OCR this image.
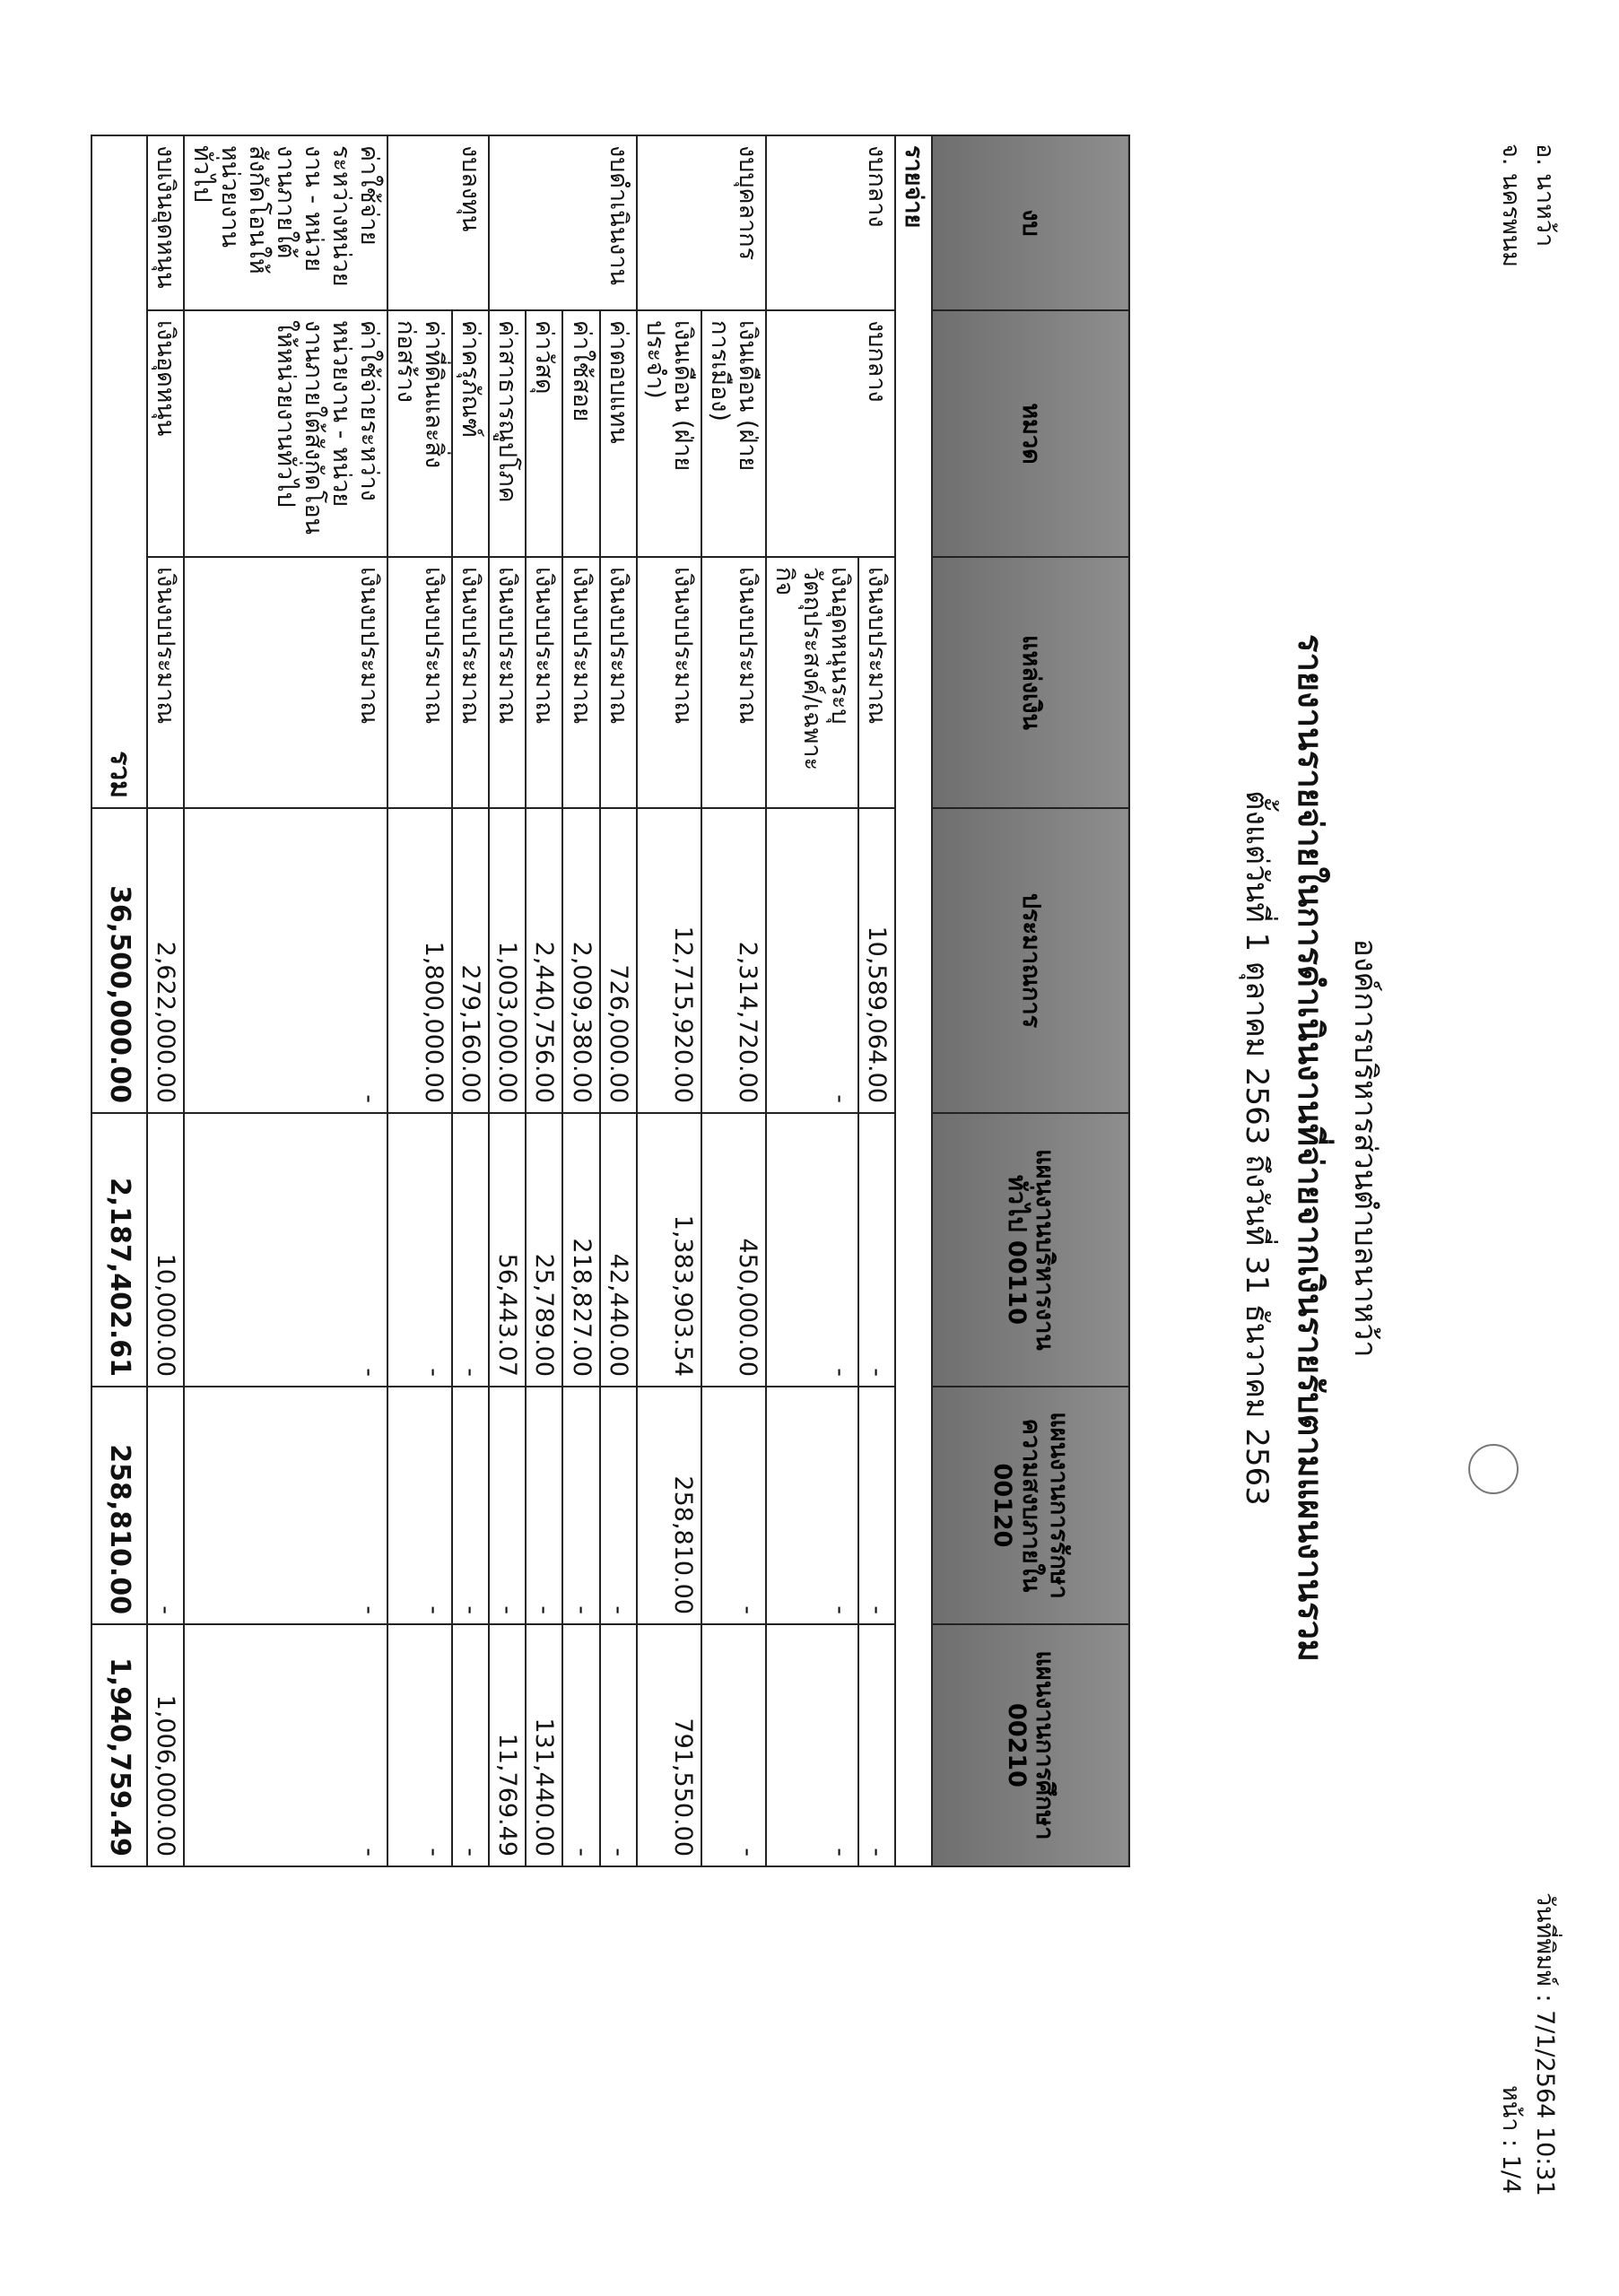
อ. นาหว้า
จ. นครพนม
วันที่พิมพ์ : 7/1/2564 10:31
หน้า : 1/4
องค์การบริหารส่วนตำบลนาหว้า
รายงานรายจ่ายในการดำเนินงานที่จ่ายจากเงินรายรับตามแผนงานรวม
ตั้งแต่วันที่ 1 ตุลาคม 2563 ถึงวันที่ 31 ธันวาคม 2563
งบ	หมวด	แหล่งเงิน	ประมาณการ	แผนงานบริหารงานทั่วไป 00110	แผนงานการรักษาความสงบภายใน 00120	แผนงานการศึกษา 00210
รายจ่าย						
งบกลาง	งบกลาง	เงินงบประมาณ	10,589,064.00	-	-	-
		เงินอุดหนุนระบุวัตถุประสงค์/เฉพาะกิจ	-	-	-	-
งบบุคลากร	เงินเดือน (ฝ่ายการเมือง)	เงินงบประมาณ	2,314,720.00	450,000.00	-	-
	เงินเดือน (ฝ่ายประจำ)	เงินงบประมาณ	12,715,920.00	1,383,903.54	258,810.00	791,550.00
งบดำเนินงาน	ค่าตอบแทน	เงินงบประมาณ	726,000.00	42,440.00	-	-
	ค่าใช้สอย	เงินงบประมาณ	2,009,380.00	218,827.00	-	-
	ค่าวัสดุ	เงินงบประมาณ	2,440,756.00	25,789.00	-	131,440.00
	ค่าสาธารณูปโภค	เงินงบประมาณ	1,003,000.00	56,443.07	-	11,769.49
งบลงทุน	ค่าครุภัณฑ์	เงินงบประมาณ	279,160.00	-	-	-
	ค่าที่ดินและสิ่งก่อสร้าง	เงินงบประมาณ	1,800,000.00	-	-	-
ค่าใช้จ่ายระหว่างหน่วยงาน - หน่วยงานภายใต้สังกัดโอนให้หน่วยงานทั่วไป	ค่าใช้จ่ายระหว่างหน่วยงาน - หน่วยงานภายใต้สังกัดโอนให้หน่วยงานทั่วไป	เงินงบประมาณ	-	-	-	-
งบเงินอุดหนุน	เงินอุดหนุน	เงินงบประมาณ	2,622,000.00	10,000.00	-	1,006,000.00
รวม			36,500,000.00	2,187,402.61	258,810.00	1,940,759.49
